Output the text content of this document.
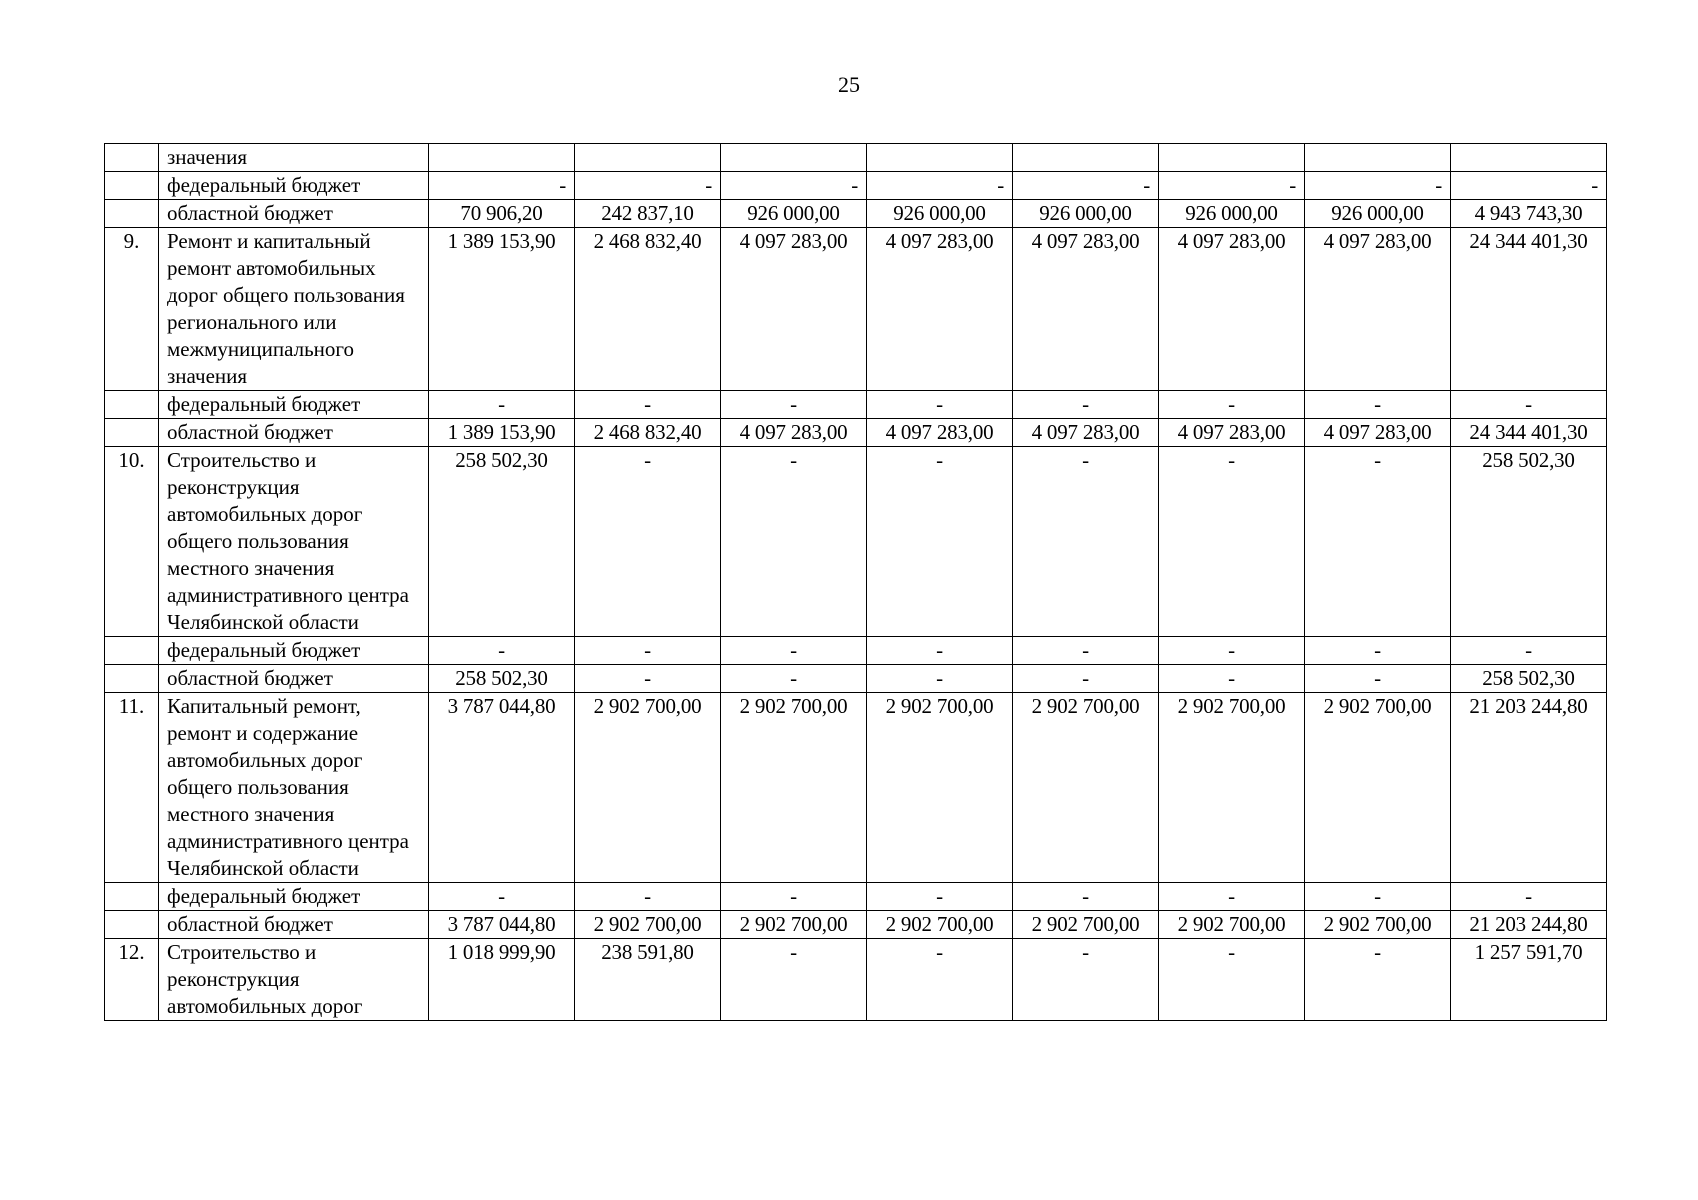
25
	значения								
	федеральный бюджет	-	-	-	-	-	-	-	-
	областной бюджет	70 906,20	242 837,10	926 000,00	926 000,00	926 000,00	926 000,00	926 000,00	4 943 743,30
9.	Ремонт и капитальный ремонт автомобильных дорог общего пользования регионального или межмуниципального значения	1 389 153,90	2 468 832,40	4 097 283,00	4 097 283,00	4 097 283,00	4 097 283,00	4 097 283,00	24 344 401,30
	федеральный бюджет	-	-	-	-	-	-	-	-
	областной бюджет	1 389 153,90	2 468 832,40	4 097 283,00	4 097 283,00	4 097 283,00	4 097 283,00	4 097 283,00	24 344 401,30
10.	Строительство и реконструкция автомобильных дорог общего пользования местного значения административного центра Челябинской области	258 502,30	-	-	-	-	-	-	258 502,30
	федеральный бюджет	-	-	-	-	-	-	-	-
	областной бюджет	258 502,30	-	-	-	-	-	-	258 502,30
11.	Капитальный ремонт, ремонт и содержание автомобильных дорог общего пользования местного значения административного центра Челябинской области	3 787 044,80	2 902 700,00	2 902 700,00	2 902 700,00	2 902 700,00	2 902 700,00	2 902 700,00	21 203 244,80
	федеральный бюджет	-	-	-	-	-	-	-	-
	областной бюджет	3 787 044,80	2 902 700,00	2 902 700,00	2 902 700,00	2 902 700,00	2 902 700,00	2 902 700,00	21 203 244,80
12.	Строительство и реконструкция автомобильных дорог	1 018 999,90	238 591,80	-	-	-	-	-	1 257 591,70
